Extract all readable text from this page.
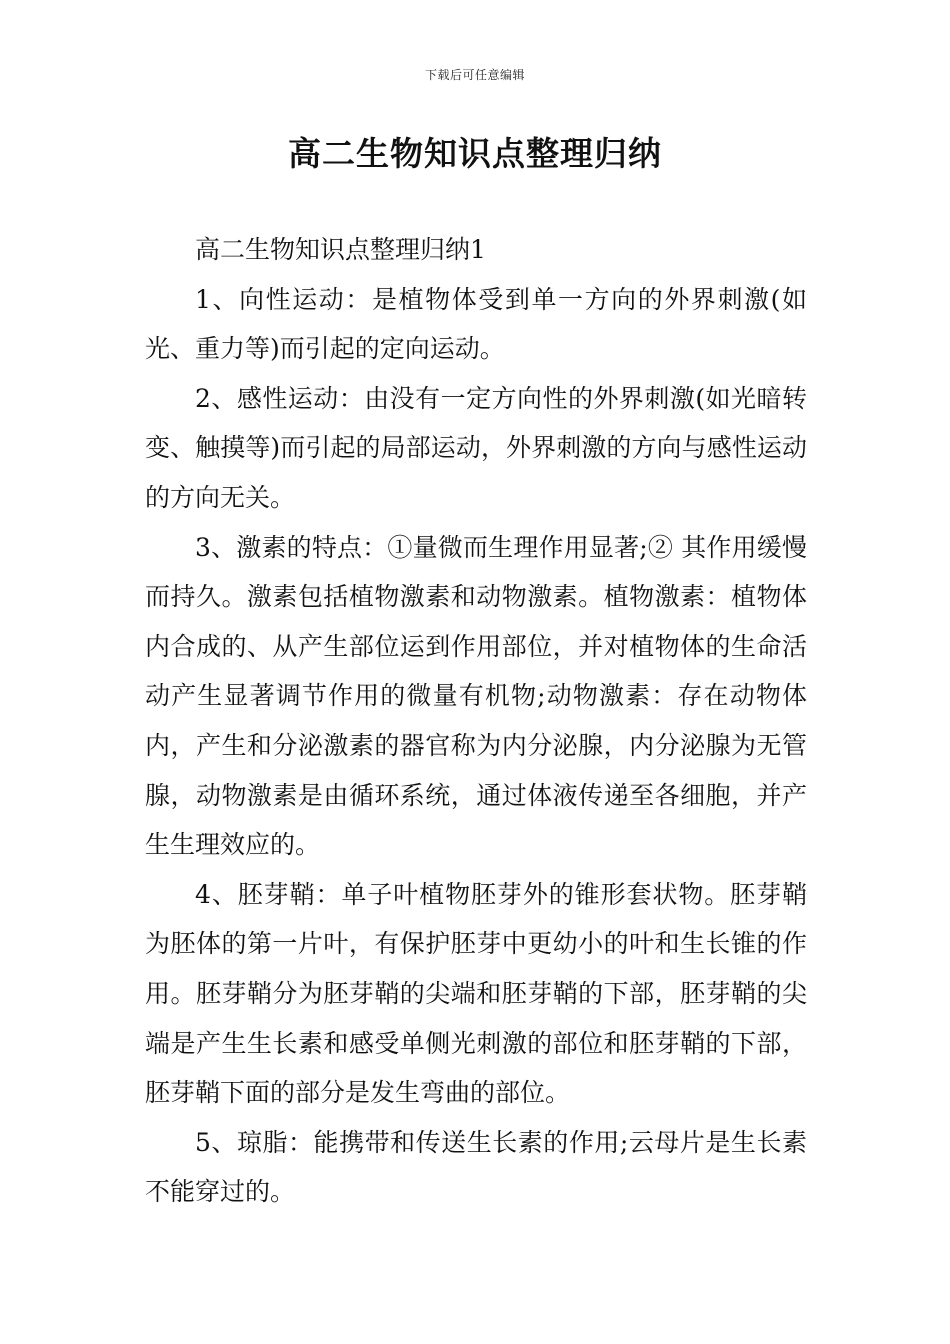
下载后可任意编辑
高二生物知识点整理归纳

高二生物知识点整理归纳1

1、向性运动：是植物体受到单一方向的外界刺激(如光、重力等)而引起的定向运动。

2、感性运动：由没有一定方向性的外界刺激(如光暗转变、触摸等)而引起的局部运动，外界刺激的方向与感性运动的方向无关。

3、激素的特点：①量微而生理作用显著;② 其作用缓慢而持久。激素包括植物激素和动物激素。植物激素：植物体内合成的、从产生部位运到作用部位，并对植物体的生命活动产生显著调节作用的微量有机物;动物激素：存在动物体内，产生和分泌激素的器官称为内分泌腺，内分泌腺为无管腺，动物激素是由循环系统，通过体液传递至各细胞，并产生生理效应的。

4、胚芽鞘：单子叶植物胚芽外的锥形套状物。胚芽鞘为胚体的第一片叶，有保护胚芽中更幼小的叶和生长锥的作用。胚芽鞘分为胚芽鞘的尖端和胚芽鞘的下部，胚芽鞘的尖端是产生生长素和感受单侧光刺激的部位和胚芽鞘的下部，胚芽鞘下面的部分是发生弯曲的部位。

5、琼脂：能携带和传送生长素的作用;云母片是生长素不能穿过的。
